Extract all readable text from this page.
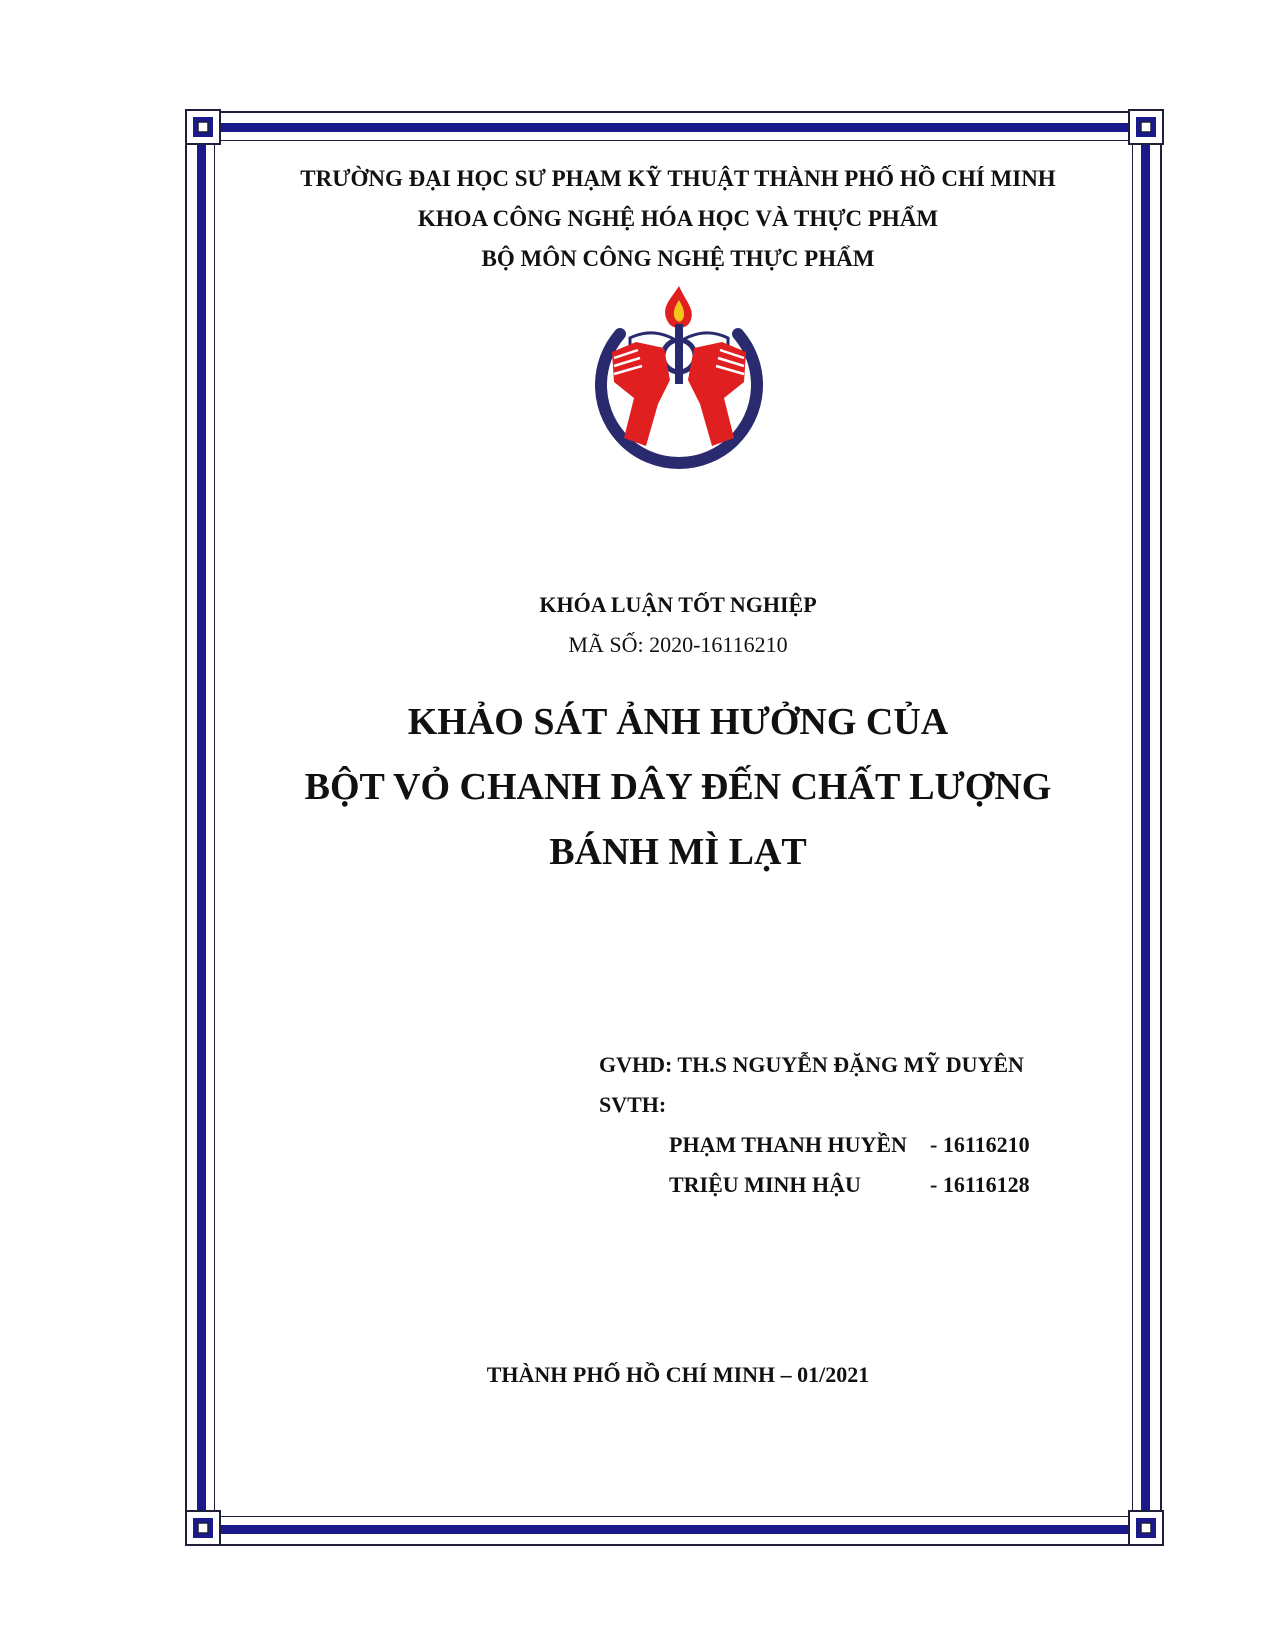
TRƯỜNG ĐẠI HỌC SƯ PHẠM KỸ THUẬT THÀNH PHỐ HỒ CHÍ MINH
KHOA CÔNG NGHỆ HÓA HỌC VÀ THỰC PHẨM
BỘ MÔN CÔNG NGHỆ THỰC PHẨM
KHÓA LUẬN TỐT NGHIỆP
MÃ SỐ: 2020-16116210
KHẢO SÁT ẢNH HƯỞNG CỦA
BỘT VỎ CHANH DÂY ĐẾN CHẤT LƯỢNG
BÁNH MÌ LẠT
GVHD: TH.S NGUYỄN ĐẶNG MỸ DUYÊN
SVTH:
PHẠM THANH HUYỀN - 16116210
TRIỆU MINH HẬU	- 16116128
THÀNH PHỐ HỒ CHÍ MINH – 01/2021
